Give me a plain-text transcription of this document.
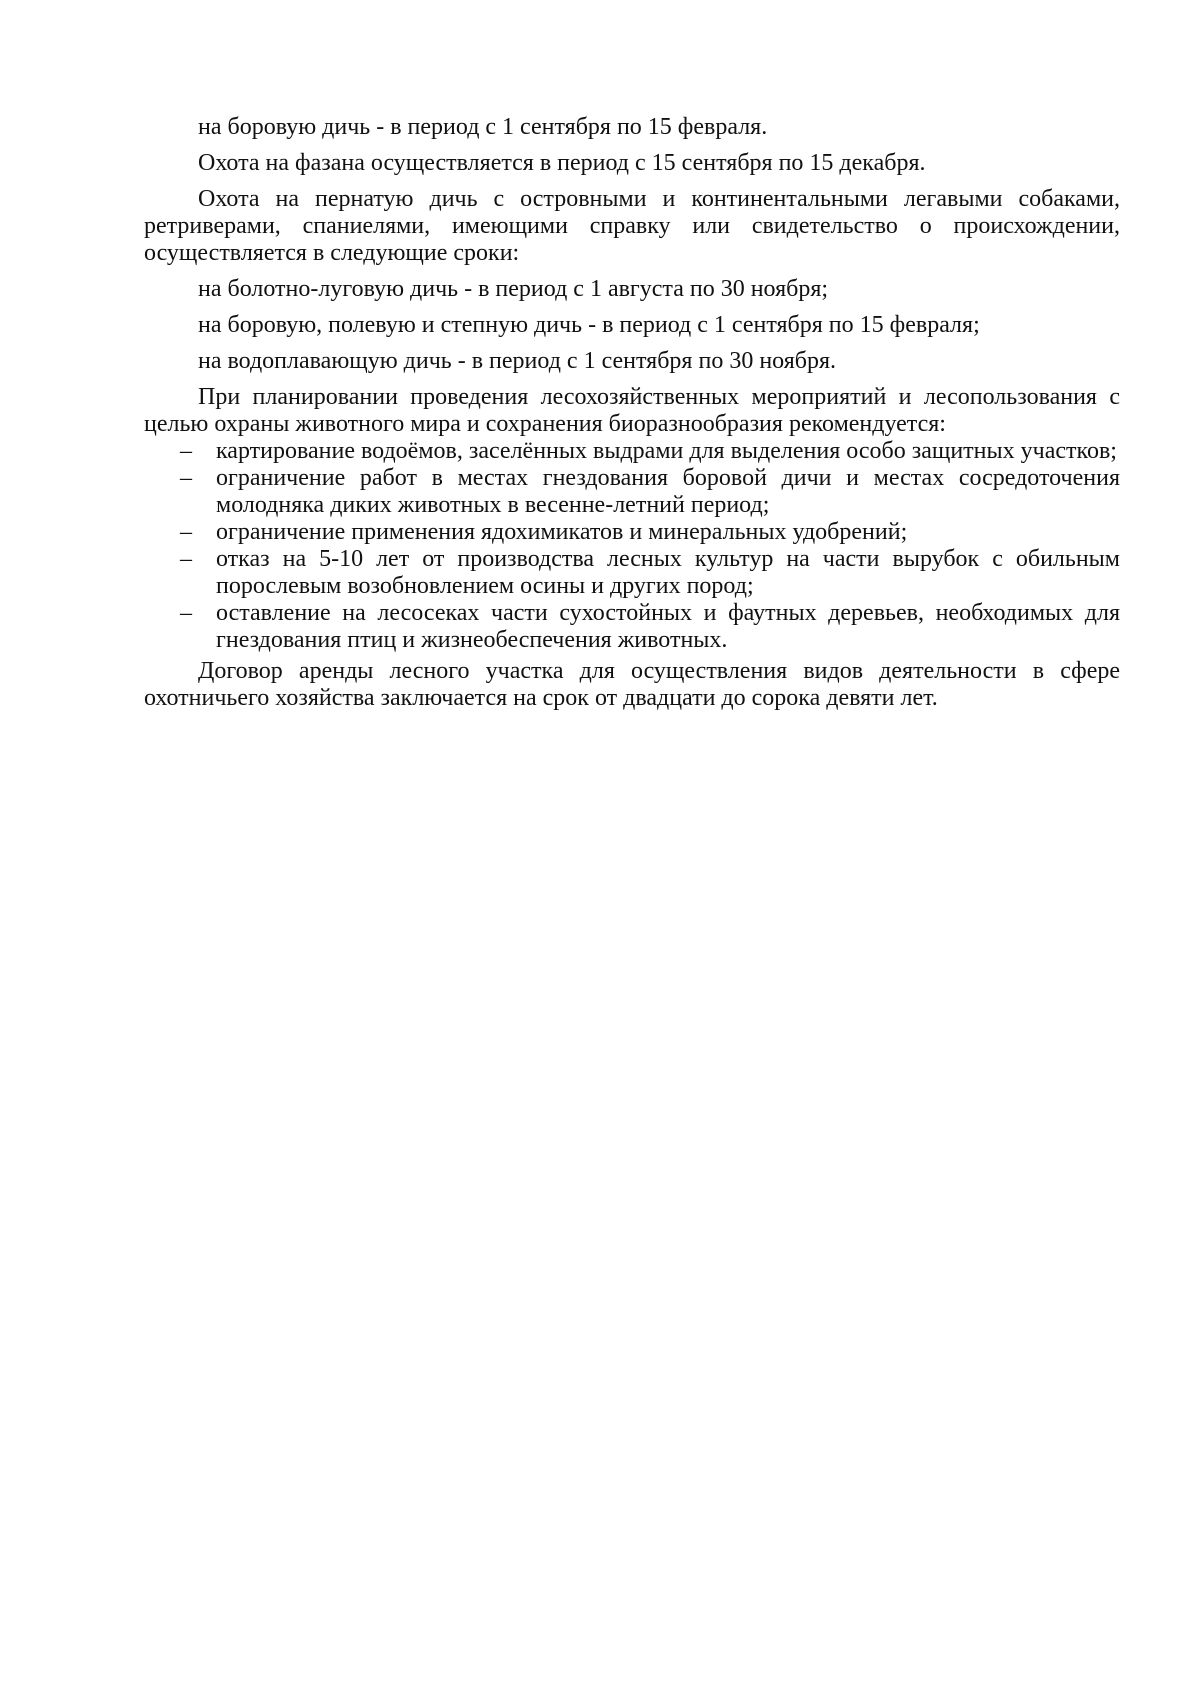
на боровую дичь - в период с 1 сентября по 15 февраля.

Охота на фазана осуществляется в период с 15 сентября по 15 декабря.

Охота на пернатую дичь с островными и континентальными легавыми собаками, ретриверами, спаниелями, имеющими справку или свидетельство о происхождении, осуществляется в следующие сроки:

на болотно-луговую дичь - в период с 1 августа по 30 ноября;

на боровую, полевую и степную дичь - в период с 1 сентября по 15 февраля;

на водоплавающую дичь - в период с 1 сентября по 30 ноября.

При планировании проведения лесохозяйственных мероприятий и лесопользования с целью охраны животного мира и сохранения биоразнообразия рекомендуется:

–	картирование водоёмов, заселённых выдрами для выделения особо защитных участков;
–	ограничение работ в местах гнездования боровой дичи и местах сосредоточения молодняка диких животных в весенне-летний период;
–	ограничение применения ядохимикатов и минеральных удобрений;
–	отказ на 5-10 лет от производства лесных культур на части вырубок с обильным порослевым возобновлением осины и других пород;
–	оставление на лесосеках части сухостойных и фаутных деревьев, необходимых для гнездования птиц и жизнеобеспечения животных.

Договор аренды лесного участка для осуществления видов деятельности в сфере охотничьего хозяйства заключается на срок от двадцати до сорока девяти лет.
